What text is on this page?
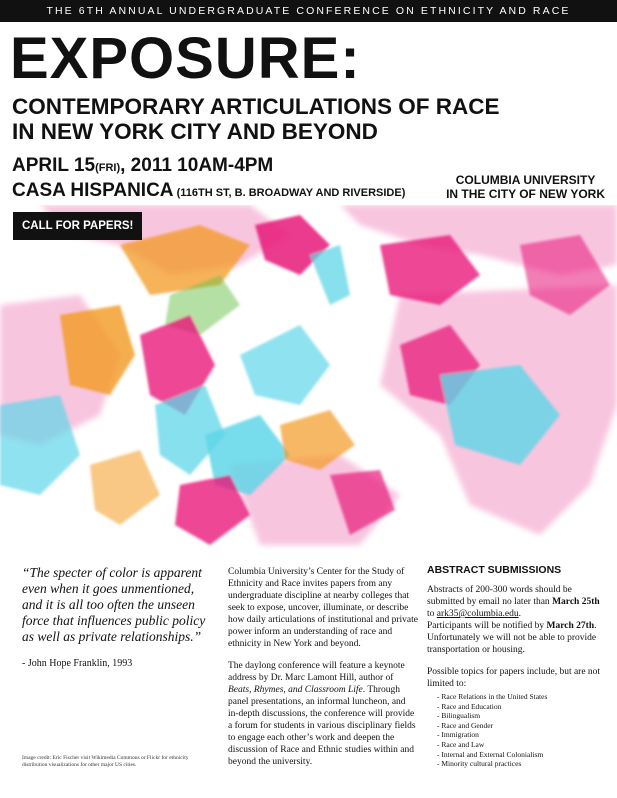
THE 6TH ANNUAL UNDERGRADUATE CONFERENCE ON ETHNICITY AND RACE
EXPOSURE:
CONTEMPORARY ARTICULATIONS OF RACE
IN NEW YORK CITY AND BEYOND
APRIL 15(FRI), 2011 10AM-4PM
CASA HISPANICA (116TH ST, B. BROADWAY AND RIVERSIDE)
COLUMBIA UNIVERSITY
IN THE CITY OF NEW YORK
CALL FOR PAPERS!
“The specter of color is apparent even when it goes unmentioned, and it is all too often the unseen force that influences public policy as well as private relationships.”
- John Hope Franklin, 1993
Image credit: Eric Fischer visit Wikimedia Commons or Flickr for ethnicity distribution visualizations for other major US cities.

Columbia University’s Center for the Study of Ethnicity and Race invites papers from any undergraduate discipline at nearby colleges that seek to expose, uncover, illuminate, or describe how daily articulations of institutional and private power inform an understanding of race and ethnicity in New York and beyond.

The daylong conference will feature a keynote address by Dr. Marc Lamont Hill, author of Beats, Rhymes, and Classroom Life. Through panel presentations, an informal luncheon, and in-depth discussions, the conference will provide a forum for students in various disciplinary fields to engage each other’s work and deepen the discussion of Race and Ethnic studies within and beyond the university.

ABSTRACT SUBMISSIONS

Abstracts of 200-300 words should be submitted by email no later than March 25th to ark35@columbia.edu.
Participants will be notified by March 27th.
Unfortunately we will not be able to provide transportation or housing.

Possible topics for papers include, but are not limited to:

- Race Relations in the United States
- Race and Education
- Bilingualism
- Race and Gender
- Immigration
- Race and Law
- Internal and External Colonialism
- Minority cultural practices
